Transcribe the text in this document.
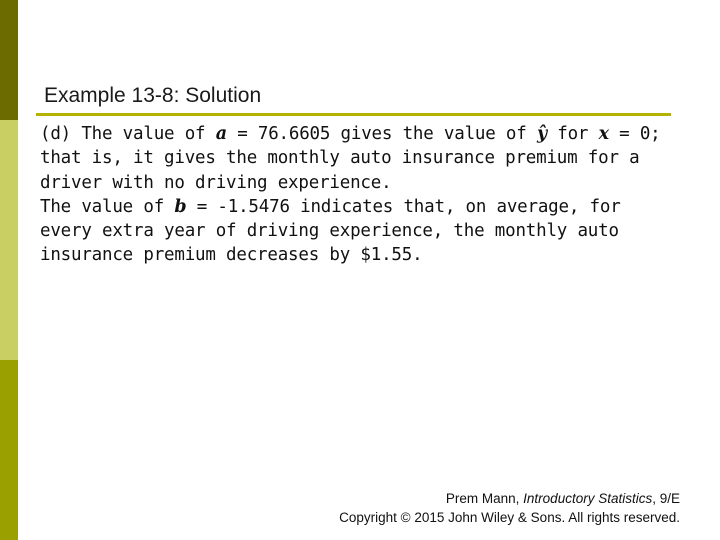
Example 13-8: Solution

(d) The value of a = 76.6605 gives the value of ŷ for x = 0; that is, it gives the monthly auto insurance premium for a driver with no driving experience.

The value of b = -1.5476 indicates that, on average, for every extra year of driving experience, the monthly auto insurance premium decreases by $1.55.

Prem Mann, Introductory Statistics, 9/E
Copyright © 2015 John Wiley & Sons. All rights reserved.
